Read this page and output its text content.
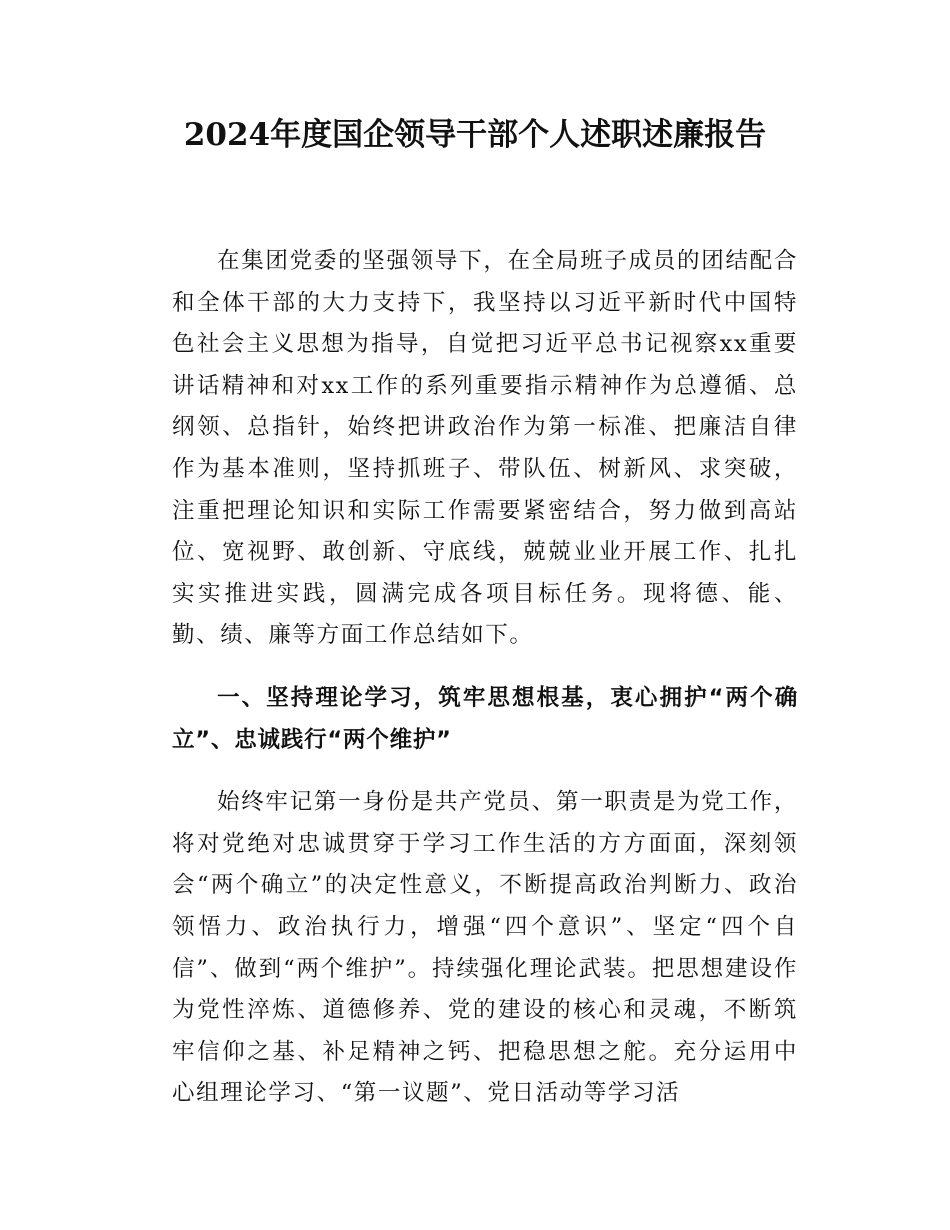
2024年度国企领导干部个人述职述廉报告

在集团党委的坚强领导下，在全局班子成员的团结配合和全体干部的大力支持下，我坚持以习近平新时代中国特色社会主义思想为指导，自觉把习近平总书记视察xx重要讲话精神和对xx工作的系列重要指示精神作为总遵循、总纲领、总指针，始终把讲政治作为第一标准、把廉洁自律作为基本准则，坚持抓班子、带队伍、树新风、求突破，注重把理论知识和实际工作需要紧密结合，努力做到高站位、宽视野、敢创新、守底线，兢兢业业开展工作、扎扎实实推进实践，圆满完成各项目标任务。现将德、能、勤、绩、廉等方面工作总结如下。

一、坚持理论学习，筑牢思想根基，衷心拥护“两个确立”、忠诚践行“两个维护”

始终牢记第一身份是共产党员、第一职责是为党工作，将对党绝对忠诚贯穿于学习工作生活的方方面面，深刻领会“两个确立”的决定性意义，不断提高政治判断力、政治领悟力、政治执行力，增强“四个意识”、坚定“四个自信”、做到“两个维护”。持续强化理论武装。把思想建设作为党性淬炼、道德修养、党的建设的核心和灵魂，不断筑牢信仰之基、补足精神之钙、把稳思想之舵。充分运用中心组理论学习、“第一议题”、党日活动等学习活
